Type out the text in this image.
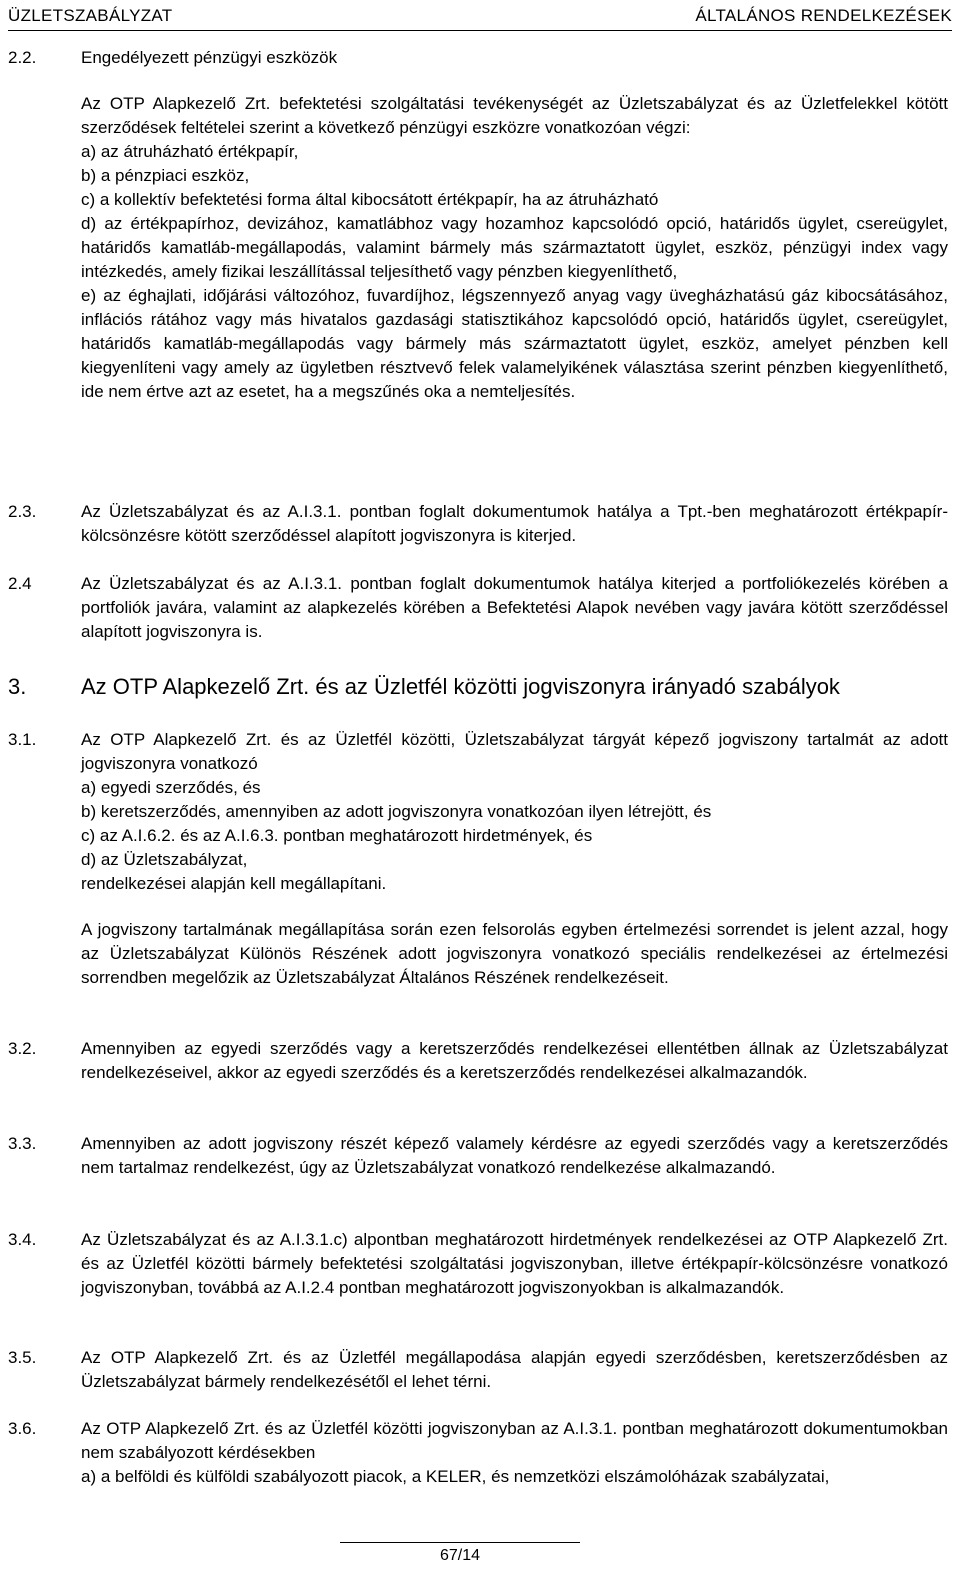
ÜZLETSZABÁLYZAT	ÁLTALÁNOS RENDELKEZÉSEK
2.2.	Engedélyezett pénzügyi eszközök
Az OTP Alapkezelő Zrt. befektetési szolgáltatási tevékenységét az Üzletszabályzat és az Üzletfelekkel kötött szerződések feltételei szerint a következő pénzügyi eszközre vonatkozóan végzi:
a) az átruházható értékpapír,
b) a pénzpiaci eszköz,
c) a kollektív befektetési forma által kibocsátott értékpapír, ha az átruházható
d) az értékpapírhoz, devizához, kamatlábhoz vagy hozamhoz kapcsolódó opció, határidős ügylet, csereügylet, határidős kamatláb-megállapodás, valamint bármely más származtatott ügylet, eszköz, pénzügyi index vagy intézkedés, amely fizikai leszállítással teljesíthető vagy pénzben kiegyenlíthető,
e) az éghajlati, időjárási változóhoz, fuvardíjhoz, légszennyező anyag vagy üvegházhatású gáz kibocsátásához, inflációs rátához vagy más hivatalos gazdasági statisztikához kapcsolódó opció, határidős ügylet, csereügylet, határidős kamatláb-megállapodás vagy bármely más származtatott ügylet, eszköz, amelyet pénzben kell kiegyenlíteni vagy amely az ügyletben résztvevő felek valamelyikének választása szerint pénzben kiegyenlíthető, ide nem értve azt az esetet, ha a megszűnés oka a nemteljesítés.
2.3.	Az Üzletszabályzat és az A.I.3.1. pontban foglalt dokumentumok hatálya a Tpt.-ben meghatározott értékpapír-kölcsönzésre kötött szerződéssel alapított jogviszonyra is kiterjed.
2.4	Az Üzletszabályzat és az A.I.3.1. pontban foglalt dokumentumok hatálya kiterjed a portfoliókezelés körében a portfoliók javára, valamint az alapkezelés körében a Befektetési Alapok nevében vagy javára kötött szerződéssel alapított jogviszonyra is.
3.	Az OTP Alapkezelő Zrt. és az Üzletfél közötti jogviszonyra irányadó szabályok
3.1.	Az OTP Alapkezelő Zrt. és az Üzletfél közötti, Üzletszabályzat tárgyát képező jogviszony tartalmát az adott jogviszonyra vonatkozó
a) egyedi szerződés, és
b) keretszerződés, amennyiben az adott jogviszonyra vonatkozóan ilyen létrejött, és
c) az A.I.6.2. és az A.I.6.3. pontban meghatározott hirdetmények, és
d) az Üzletszabályzat,
rendelkezései alapján kell megállapítani.
A jogviszony tartalmának megállapítása során ezen felsorolás egyben értelmezési sorrendet is jelent azzal, hogy az Üzletszabályzat Különös Részének adott jogviszonyra vonatkozó speciális rendelkezései az értelmezési sorrendben megelőzik az Üzletszabályzat Általános Részének rendelkezéseit.
3.2.	Amennyiben az egyedi szerződés vagy a keretszerződés rendelkezései ellentétben állnak az Üzletszabályzat rendelkezéseivel, akkor az egyedi szerződés és a keretszerződés rendelkezései alkalmazandók.
3.3.	Amennyiben az adott jogviszony részét képező valamely kérdésre az egyedi szerződés vagy a keretszerződés nem tartalmaz rendelkezést, úgy az Üzletszabályzat vonatkozó rendelkezése alkalmazandó.
3.4.	Az Üzletszabályzat és az A.I.3.1.c) alpontban meghatározott hirdetmények rendelkezései az OTP Alapkezelő Zrt. és az Üzletfél közötti bármely befektetési szolgáltatási jogviszonyban, illetve értékpapír-kölcsönzésre vonatkozó jogviszonyban, továbbá az A.I.2.4 pontban meghatározott jogviszonyokban is alkalmazandók.
3.5.	Az OTP Alapkezelő Zrt. és az Üzletfél megállapodása alapján egyedi szerződésben, keretszerződésben az Üzletszabályzat bármely rendelkezésétől el lehet térni.
3.6.	Az OTP Alapkezelő Zrt. és az Üzletfél közötti jogviszonyban az A.I.3.1. pontban meghatározott dokumentumokban nem szabályozott kérdésekben
a) a belföldi és külföldi szabályozott piacok, a KELER, és nemzetközi elszámolóházak szabályzatai,
67/14
